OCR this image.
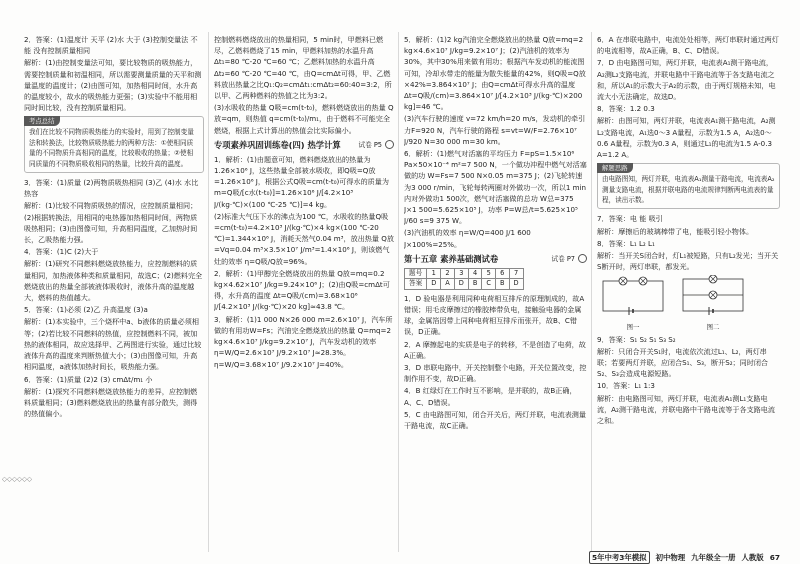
◇◇◇◇◇◇

2．答案：(1)温度计 天平 (2)水 大于 (3)控制变量法 不能 没有控制质量相同

解析：(1)由控制变量法可知，要比较物质的吸热能力，需要控制质量和初温相同，所以需要测量质量的天平和测量温度的温度计；(2)由图可知，加热相同时间，水升高的温度较小，故水的吸热能力更强；(3)实验中不能用相同时间比较，没有控制质量相同。

考点总结
我们在比较不同物质吸热能力的实验时，用到了控制变量法和转换法，比较物质吸热能力的两种方法：①使相同质量的不同物质升高相同的温度，比较吸收的热量；②使相同质量的不同物质吸收相同的热量，比较升高的温度。

3．答案：(1)质量 (2)两物质吸热相同 (3)乙 (4)水 水比热容

解析：(1)比较不同物质吸热的情况，应控制质量相同；(2)根据转换法，用相同的电热器加热相同时间，两物质吸热相同；(3)由图像可知，升高相同温度，乙加热时间长，乙吸热能力强。

4．答案：(1)C (2)大于

解析：(1)研究不同燃料燃烧放热能力，应控制燃料的质量相同，加热液体种类和质量相同，故选C；(2)燃料完全燃烧放出的热量全部被液体吸收时，液体升高的温度越大，燃料的热值越大。

5．答案：(1)必须 (2)乙 升高温度 (3)a

解析：(1)本实验中，三个烧杯中a、b液体的质量必须相等；(2)若比较不同燃料的热值，应控制燃料不同，被加热的液体相同，故应选择甲、乙两图进行实验，通过比较液体升高的温度来判断热值大小；(3)由图像可知，升高相同温度，a液体加热时间长，吸热能力强。

6．答案：(1)质量 (2)2 (3) cmΔt/m₁ 小

解析：(1)探究不同燃料燃烧放热能力的差异，应控制燃料质量相同；(3)燃料燃烧放出的热量有部分散失，测得的热值偏小。

控制燃料燃烧放出的热量相同，5 min时，甲燃料已燃尽，乙燃料燃烧了15 min，甲燃料加热的水温升高Δt₁=80 ℃-20 ℃=60 ℃；乙燃料加热的水温升高Δt₂=60 ℃-20 ℃=40 ℃，由Q=cmΔt可得，甲、乙燃料放出热量之比Q₁:Q₂=cmΔt₁:cmΔt₂=60:40=3:2，所以甲、乙两种燃料的热值之比为3:2。

(3)水吸收的热量 Q吸=cm(t-t₀)，燃料燃烧放出的热量 Q放=qm，则热值 q=cm(t-t₀)/m₁，由于燃料不可能完全燃烧，根据上式计算出的热值会比实际偏小。

专项素养巩固训练卷(四) 热学计算	试卷 P5

1．解析：(1)由题意可知，燃料燃烧放出的热量为1.26×10⁶ J，这些热量全部被水吸收，即Q吸=Q放=1.26×10⁶ J，根据公式Q吸=cm(t-t₀)可得水的质量为 m=Q吸/[c水(t-t₀)]=1.26×10⁶ J/[4.2×10³ J/(kg·℃)×(100 ℃-25 ℃)]=4 kg。

(2)标准大气压下水的沸点为100 ℃，水吸收的热量Q吸=cm(t-t₀)=4.2×10³ J/(kg·℃)×4 kg×(100 ℃-20 ℃)=1.344×10⁶ J，消耗天然气0.04 m³，放出热量 Q放=Vq=0.04 m³×3.5×10⁷ J/m³=1.4×10⁶ J，则该燃气灶的效率 η=Q吸/Q放=96%。

2．解析：(1)甲醇完全燃烧放出的热量 Q放=mq=0.2 kg×4.62×10⁷ J/kg=9.24×10⁶ J；(2)由Q吸=cmΔt可得，水升高的温度 Δt=Q吸/(cm)=3.68×10⁶ J/[4.2×10³ J/(kg·℃)×20 kg]≈43.8 ℃。

3．解析：(1)1 000 N×26 000 m=2.6×10⁷ J，汽车所做的有用功W=Fs；汽油完全燃烧放出的热量 Q=mq=2 kg×4.6×10⁷ J/kg=9.2×10⁷ J，汽车发动机的效率 η=W/Q=2.6×10⁷ J/9.2×10⁷ J≈28.3%。

η=W/Q=3.68×10⁷ J/9.2×10⁷ J=40%。

5．解析：(1)2 kg汽油完全燃烧放出的热量 Q放=mq=2 kg×4.6×10⁷ J/kg=9.2×10⁷ J；(2)汽油机的效率为30%，其中30%用来做有用功；根据汽车发动机的能流图可知，冷却水带走的能量为散失能量的42%，则Q吸=Q放×42%=3.864×10⁷ J；由Q=cmΔt可得水升高的温度 Δt=Q吸/(cm)=3.864×10⁷ J/[4.2×10³ J/(kg·℃)×200 kg]=46 ℃。

(3)汽车行驶的速度 v=72 km/h=20 m/s，发动机的牵引力F=920 N，汽车行驶的路程 s=vt=W/F=2.76×10⁷ J/920 N=30 000 m=30 km。

6．解析：(1)燃气对活塞的平均压力 F=pS=1.5×10⁶ Pa×50×10⁻⁴ m²=7 500 N，一个做功冲程中燃气对活塞做的功 W=Fs=7 500 N×0.05 m=375 J；(2)飞轮转速为3 000 r/min，飞轮每转两圈对外做功一次，所以1 min内对外做功1 500次，燃气对活塞做的总功 W总=375 J×1 500=5.625×10⁵ J，功率 P=W总/t=5.625×10⁵ J/60 s=9 375 W。

(3)汽油机的效率 η=W/Q=400 J/1 600 J×100%=25%。

第十五章 素养基础测试卷	试卷 P7
题号	1	2	3	4	5	6	7
答案	D	A	D	B	C	B	D

1．D 验电器是利用同种电荷相互排斥的原理制成的，故A错误；用毛皮摩擦过的橡胶棒带负电，接触验电器的金属球，金属箔因带上同种电荷相互排斥而张开，故B、C错误，D正确。

2．A 摩擦起电的实质是电子的转移，不是创造了电荷，故A正确。

3．D 串联电路中，开关控制整个电路，开关位置改变，控制作用不变，故D正确。

4．B 红绿灯在工作时互不影响，是并联的，故B正确，A、C、D错误。

5．C 由电路图可知，闭合开关后，两灯并联，电流表测量干路电流，故C正确。

6．A 在串联电路中，电流处处相等，两灯串联时通过两灯的电流相等，故A正确，B、C、D错误。

7．D 由电路图可知，两灯并联，电流表A₁测干路电流，A₂测L₂支路电流，并联电路中干路电流等于各支路电流之和，所以A₁的示数大于A₂的示数，由于两灯规格未知，电流大小无法确定，故选D。

8．答案：1.2 0.3

解析：由图可知，两灯并联，电流表A₁测干路电流，A₂测L₂支路电流，A₁选0～3 A量程，示数为1.5 A，A₂选0～0.6 A量程，示数为0.3 A，则通过L₁的电流为1.5 A-0.3 A=1.2 A。

解题思路
由电路图知，两灯并联，电流表A₁测量干路电流，电流表A₂测量支路电流，根据并联电路的电流规律判断两电流表的量程，读出示数。

7．答案：电 能 吸引

解析：摩擦后的玻璃棒带了电，能吸引轻小物体。

8．答案：L₁ L₂ L₁

解析：当开关S闭合时，灯L₁被短路，只有L₂发光；当开关S断开时，两灯串联，都发光。

图一	图二

9．答案：S₁ S₂ S₁ S₃ S₂

解析：只闭合开关S₁时，电流依次流过L₁、L₂，两灯串联；若要两灯并联，应闭合S₁、S₃，断开S₂；同时闭合S₂、S₃会造成电源短路。

10．答案：L₁ 1:3

解析：由电路图可知，两灯并联，电流表A₁测L₁支路电流，A₂测干路电流，并联电路中干路电流等于各支路电流之和。

5年中考3年模拟	初中物理 九年级全一册 人教版 67
